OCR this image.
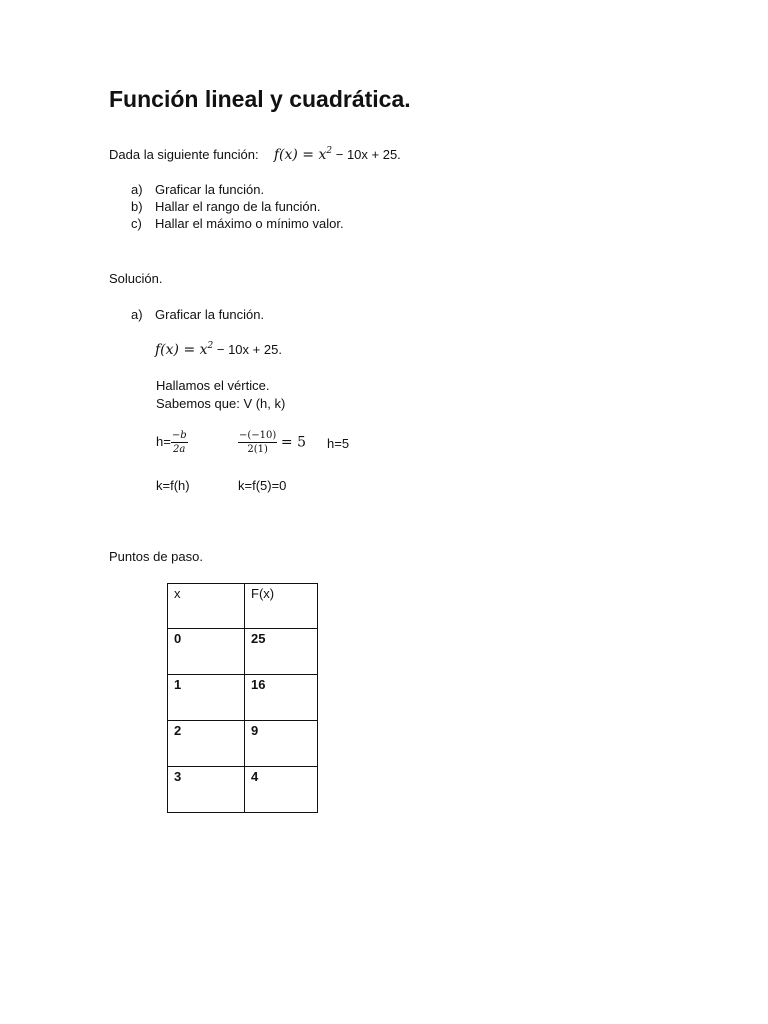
Función lineal y cuadrática.
Dada la siguiente función: $f(x) = x^2 - 10x + 25$.
a) Graficar la función.
b) Hallar el rango de la función.
c)	Hallar el máximo o mínimo valor.
Solución.
a) Graficar la función.
$f(x) = x^2 - 10x + 25$.
Hallamos el vértice.
Sabemos que: V (h, k)
$h= \frac{-b}{2a}$	$\frac{-(-10)}{2(1)} = 5$ h=5
k=f(h)	k=f(5)=0
Puntos de paso.
x	F(x)
0	25
1	16
2	9
3	4
